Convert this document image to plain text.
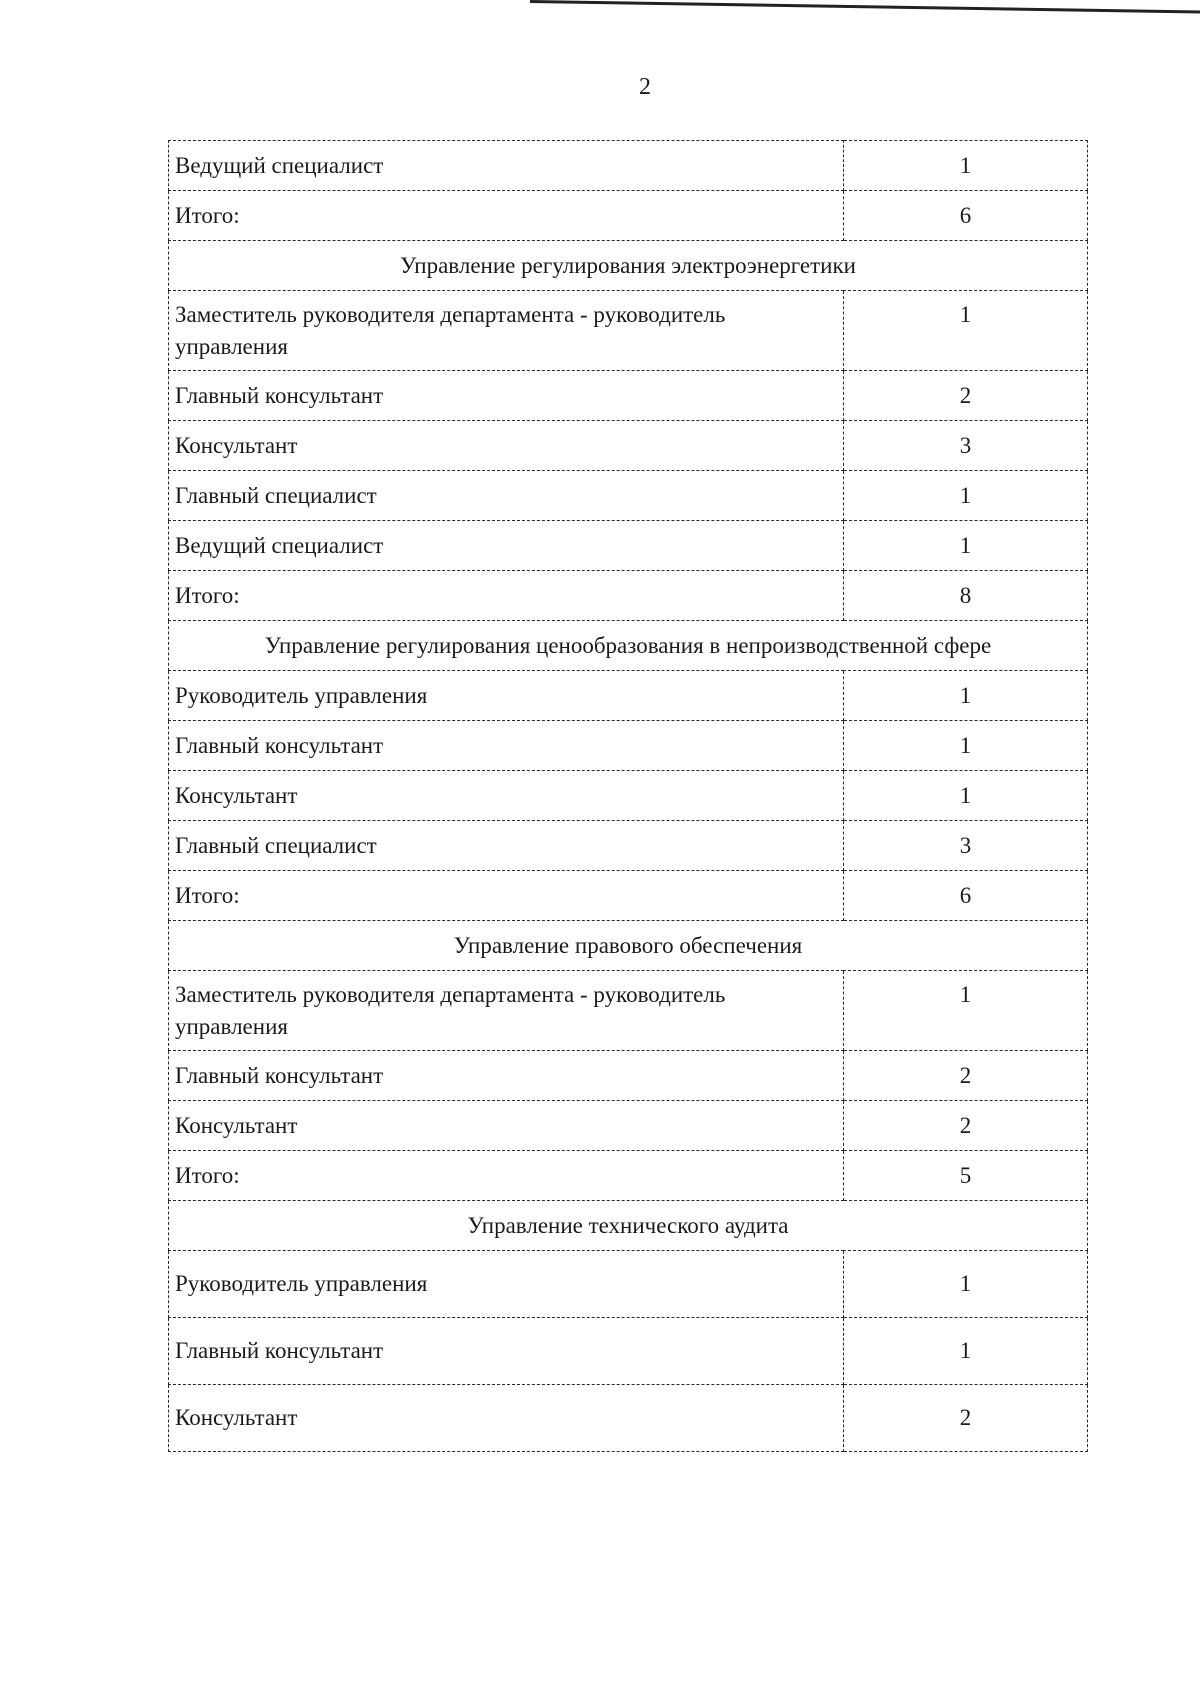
2
Ведущий специалист	1
Итого:	6
Управление регулирования электроэнергетики	
Заместитель руководителя департамента - руководитель управления	1
Главный консультант	2
Консультант	3
Главный специалист	1
Ведущий специалист	1
Итого:	8
Управление регулирования ценообразования в непроизводственной сфере	
Руководитель управления	1
Главный консультант	1
Консультант	1
Главный специалист	3
Итого:	6
Управление правового обеспечения	
Заместитель руководителя департамента - руководитель управления	1
Главный консультант	2
Консультант	2
Итого:	5
Управление технического аудита	
Руководитель управления	1
Главный консультант	1
Консультант	2
